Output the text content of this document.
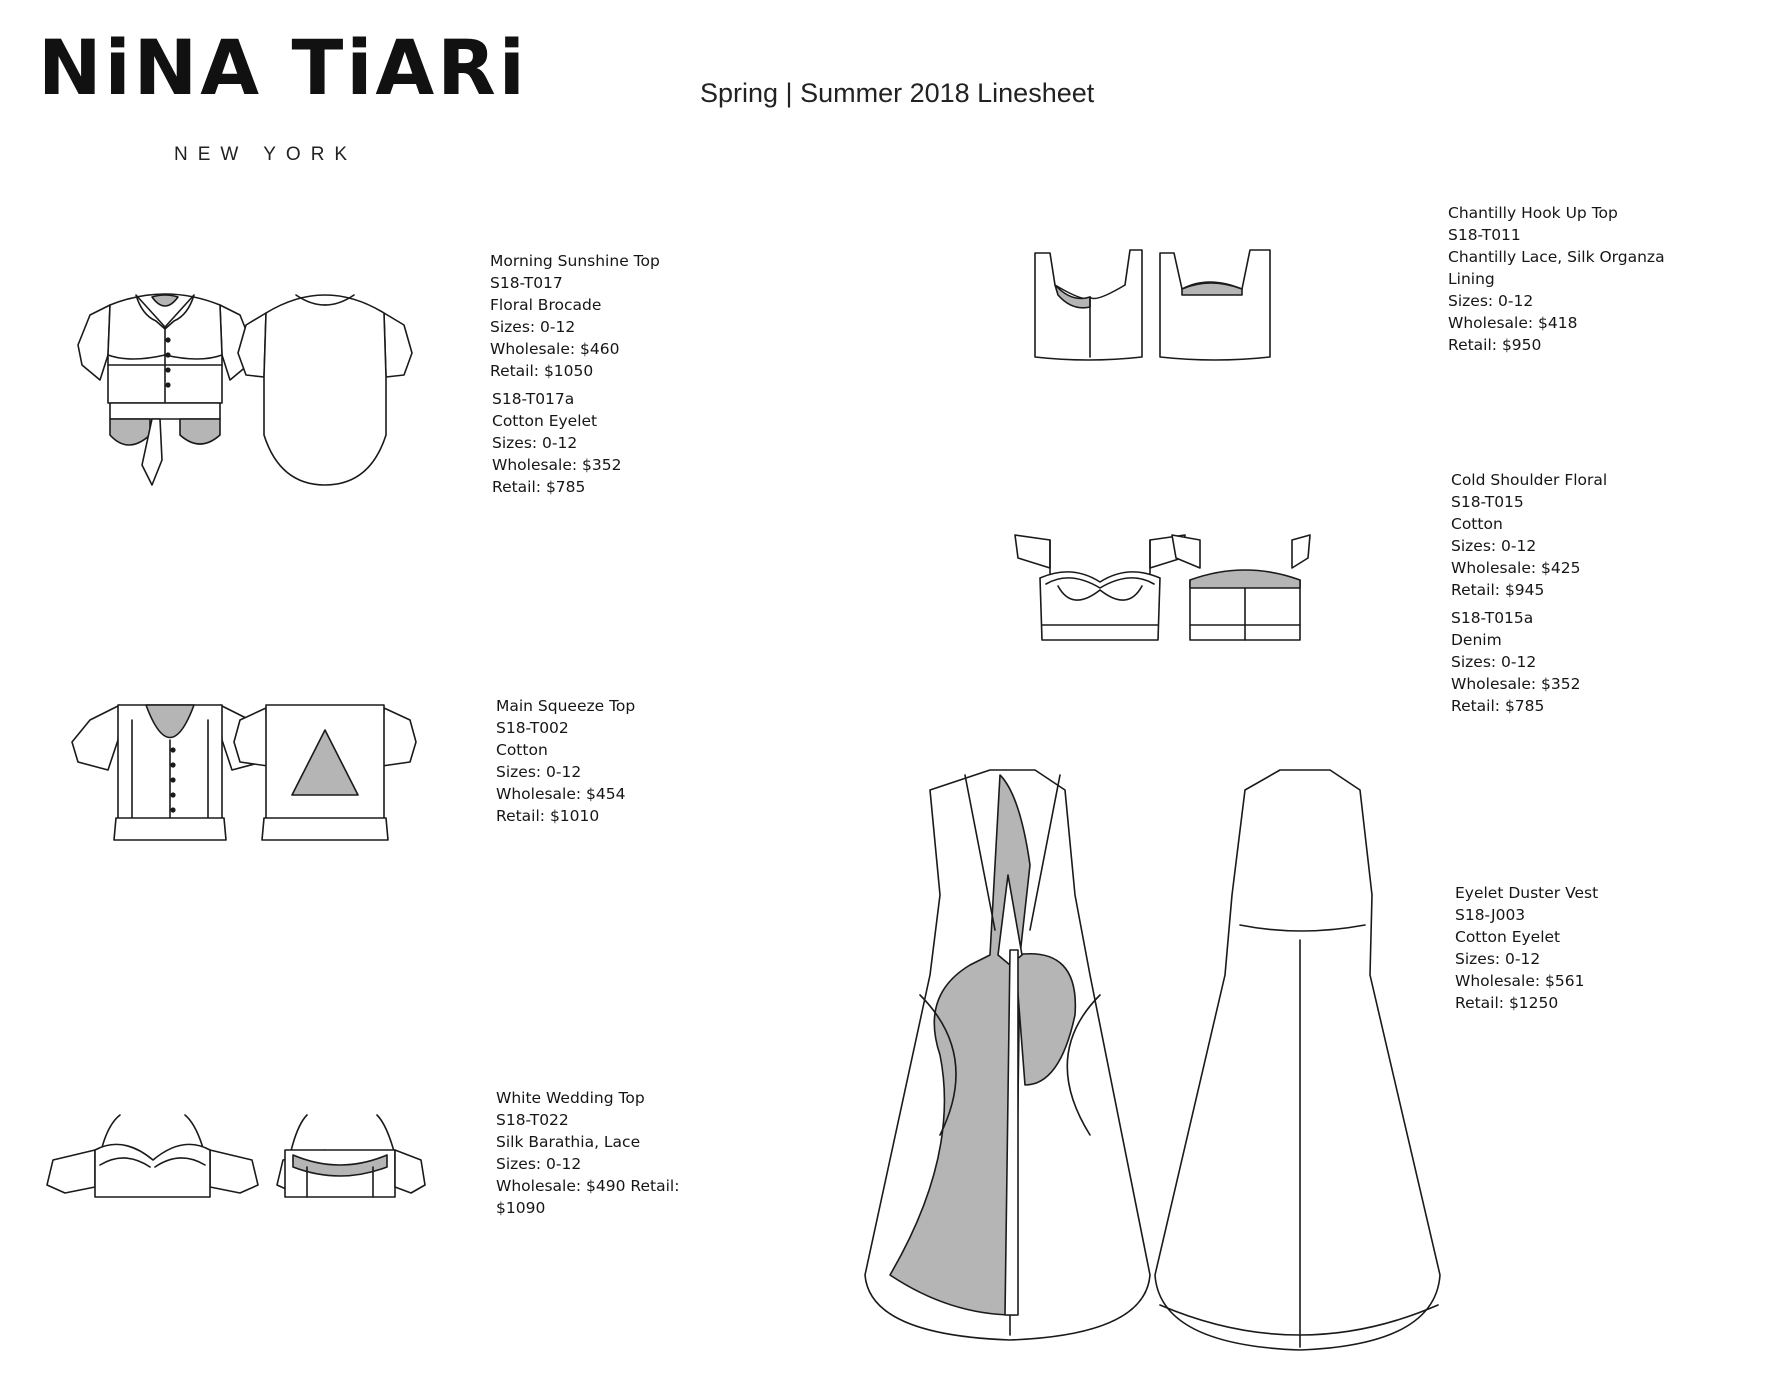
NiNA TiARi
NEW YORK
Spring | Summer 2018 Linesheet
Morning Sunshine Top
S18-T017
Floral Brocade
Sizes: 0-12
Wholesale: $460
Retail: $1050
S18-T017a
Cotton Eyelet
Sizes: 0-12
Wholesale: $352
Retail: $785
Main Squeeze Top
S18-T002
Cotton
Sizes: 0-12
Wholesale: $454
Retail: $1010
White Wedding Top
S18-T022
Silk Barathia, Lace
Sizes: 0-12
Wholesale: $490 Retail:
$1090
Chantilly Hook Up Top
S18-T011
Chantilly Lace, Silk Organza
Lining
Sizes: 0-12
Wholesale: $418
Retail: $950
Cold Shoulder Floral
S18-T015
Cotton
Sizes: 0-12
Wholesale: $425
Retail: $945
S18-T015a
Denim
Sizes: 0-12
Wholesale: $352
Retail: $785
Eyelet Duster Vest
S18-J003
Cotton Eyelet
Sizes: 0-12
Wholesale: $561
Retail: $1250
